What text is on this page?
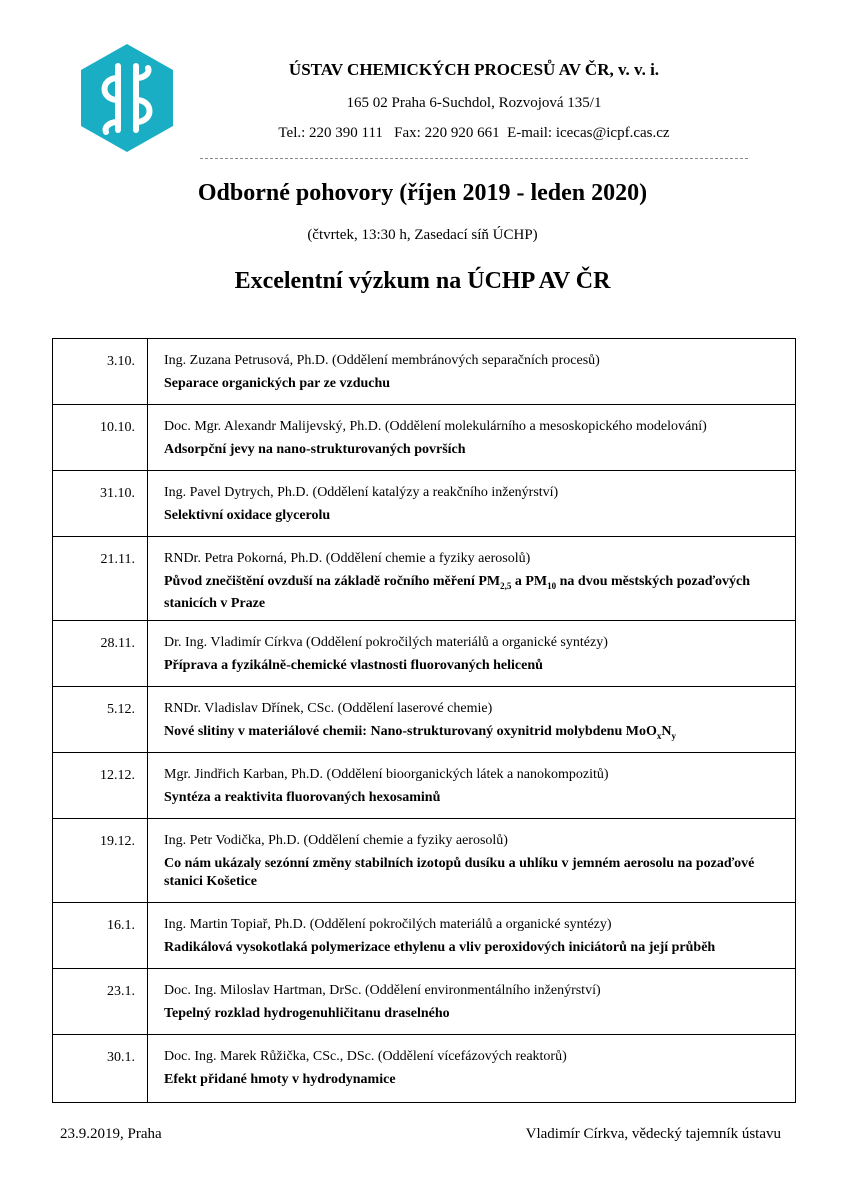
ÚSTAV CHEMICKÝCH PROCESŮ AV ČR, v. v. i.
165 02 Praha 6-Suchdol, Rozvojová 135/1
Tel.: 220 390 111   Fax: 220 920 661  E-mail: icecas@icpf.cas.cz
Odborné pohovory (říjen 2019 - leden 2020)
(čtvrtek, 13:30 h, Zasedací síň ÚCHP)
Excelentní výzkum na ÚCHP AV ČR
3.10.	Ing. Zuzana Petrusová, Ph.D. (Oddělení membránových separačních procesů)
Separace organických par ze vzduchu

10.10.	Doc. Mgr. Alexandr Malijevský, Ph.D. (Oddělení molekulárního a mesoskopického modelování)
Adsorpční jevy na nano-strukturovaných površích

31.10.	Ing. Pavel Dytrych, Ph.D. (Oddělení katalýzy a reakčního inženýrství)
Selektivní oxidace glycerolu

21.11.	RNDr. Petra Pokorná, Ph.D. (Oddělení chemie a fyziky aerosolů)
Původ znečištění ovzduší na základě ročního měření $PM_{2,5}$ a $PM_{10}$ na dvou městských pozaďových stanicích v Praze

28.11.	Dr. Ing. Vladimír Církva (Oddělení pokročilých materiálů a organické syntézy)
Příprava a fyzikálně-chemické vlastnosti fluorovaných helicenů

5.12.	RNDr. Vladislav Dřínek, CSc. (Oddělení laserové chemie)
Nové slitiny v materiálové chemii: Nano-strukturovaný oxynitrid molybdenu $MoO_xN_y$

12.12.	Mgr. Jindřich Karban, Ph.D. (Oddělení bioorganických látek a nanokompozitů)
Syntéza a reaktivita fluorovaných hexosaminů

19.12.	Ing. Petr Vodička, Ph.D. (Oddělení chemie a fyziky aerosolů)
Co nám ukázaly sezónní změny stabilních izotopů dusíku a uhlíku v jemném aerosolu na pozaďové stanici Košetice

16.1.	Ing. Martin Topiař, Ph.D. (Oddělení pokročilých materiálů a organické syntézy)
Radikálová vysokotlaká polymerizace ethylenu a vliv peroxidových iniciátorů na její průběh

23.1.	Doc. Ing. Miloslav Hartman, DrSc. (Oddělení environmentálního inženýrství)
Tepelný rozklad hydrogenuhličitanu draselného

30.1.	Doc. Ing. Marek Růžička, CSc., DSc. (Oddělení vícefázových reaktorů)
Efekt přidané hmoty v hydrodynamice
23.9.2019, Praha	Vladimír Církva, vědecký tajemník ústavu
